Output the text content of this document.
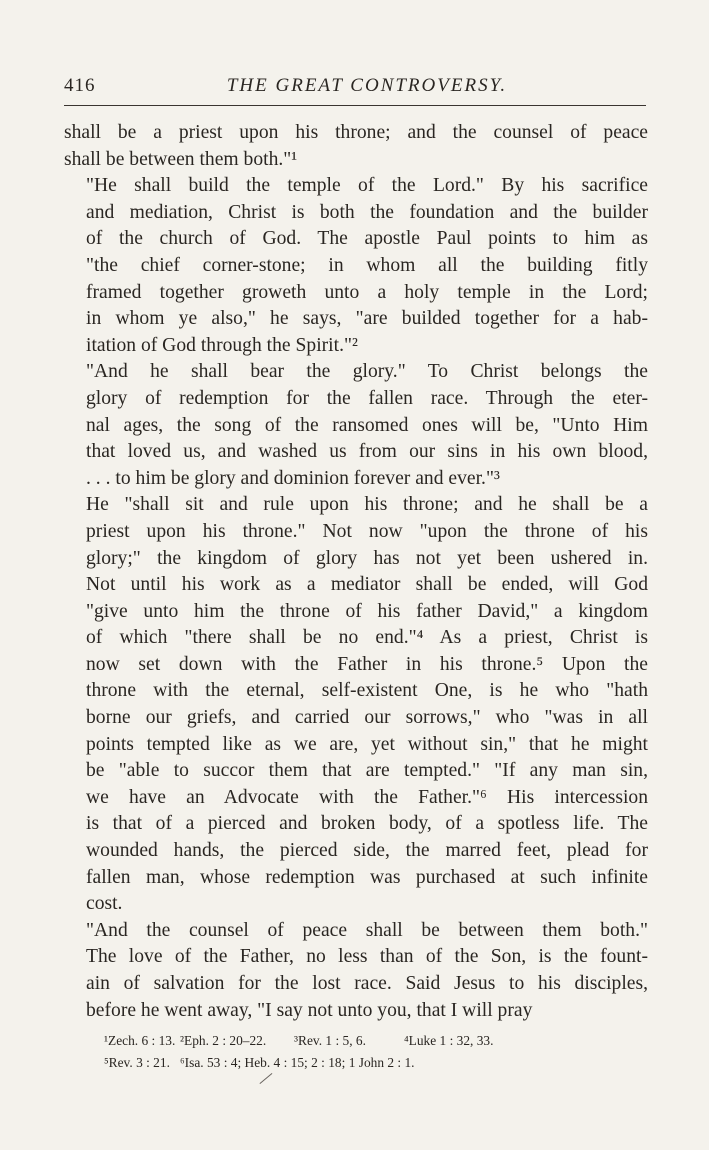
416	THE GREAT CONTROVERSY.

shall be a priest upon his throne; and the counsel of peace
shall be between them both."¹

"He shall build the temple of the Lord." By his sacrifice
and mediation, Christ is both the foundation and the builder
of the church of God. The apostle Paul points to him as
"the chief corner-stone; in whom all the building fitly
framed together groweth unto a holy temple in the Lord;
in whom ye also," he says, "are builded together for a hab-
itation of God through the Spirit."²

"And he shall bear the glory." To Christ belongs the
glory of redemption for the fallen race. Through the eter-
nal ages, the song of the ransomed ones will be, "Unto Him
that loved us, and washed us from our sins in his own blood,
. . . to him be glory and dominion forever and ever."³

He "shall sit and rule upon his throne; and he shall be a
priest upon his throne." Not now "upon the throne of his
glory;" the kingdom of glory has not yet been ushered in.
Not until his work as a mediator shall be ended, will God
"give unto him the throne of his father David," a kingdom
of which "there shall be no end."⁴ As a priest, Christ is
now set down with the Father in his throne.⁵ Upon the
throne with the eternal, self-existent One, is he who "hath
borne our griefs, and carried our sorrows," who "was in all
points tempted like as we are, yet without sin," that he might
be "able to succor them that are tempted." "If any man sin,
we have an Advocate with the Father."⁶ His intercession
is that of a pierced and broken body, of a spotless life. The
wounded hands, the pierced side, the marred feet, plead for
fallen man, whose redemption was purchased at such infinite
cost.

"And the counsel of peace shall be between them both."
The love of the Father, no less than of the Son, is the fount-
ain of salvation for the lost race. Said Jesus to his disciples,
before he went away, "I say not unto you, that I will pray

¹Zech. 6 : 13. ²Eph. 2 : 20–22. ³Rev. 1 : 5, 6.	⁴Luke 1 : 32, 33.
⁵Rev. 3 : 21. ⁶Isa. 53 : 4; Heb. 4 : 15; 2 : 18; 1 John 2 : 1.
